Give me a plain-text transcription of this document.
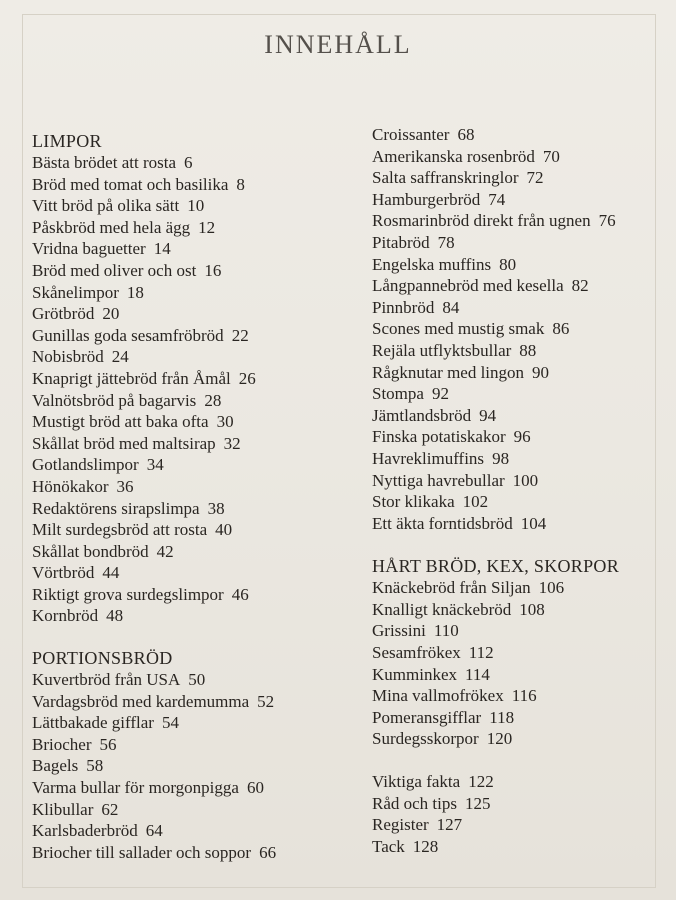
INNEHÅLL
LIMPOR
Bästa brödet att rosta 6
Bröd med tomat och basilika 8
Vitt bröd på olika sätt 10
Påskbröd med hela ägg 12
Vridna baguetter 14
Bröd med oliver och ost 16
Skånelimpor 18
Grötbröd 20
Gunillas goda sesamfröbröd 22
Nobisbröd 24
Knaprigt jättebröd från Åmål 26
Valnötsbröd på bagarvis 28
Mustigt bröd att baka ofta 30
Skållat bröd med maltsirap 32
Gotlandslimpor 34
Hönökakor 36
Redaktörens sirapslimpa 38
Milt surdegsbröd att rosta 40
Skållat bondbröd 42
Vörtbröd 44
Riktigt grova surdegslimpor 46
Kornbröd 48
PORTIONSBRÖD
Kuvertbröd från USA 50
Vardagsbröd med kardemumma 52
Lättbakade gifflar 54
Briocher 56
Bagels 58
Varma bullar för morgonpigga 60
Klibullar 62
Karlsbaderbröd 64
Briocher till sallader och soppor 66
Croissanter 68
Amerikanska rosenbröd 70
Salta saffranskringlor 72
Hamburgerbröd 74
Rosmarinbröd direkt från ugnen 76
Pitabröd 78
Engelska muffins 80
Långpannebröd med kesella 82
Pinnbröd 84
Scones med mustig smak 86
Rejäla utflyktsbullar 88
Rågknutar med lingon 90
Stompa 92
Jämtlandsbröd 94
Finska potatiskakor 96
Havreklimuffins 98
Nyttiga havrebullar 100
Stor klikaka 102
Ett äkta forntidsbröd 104
HÅRT BRÖD, KEX, SKORPOR
Knäckebröd från Siljan 106
Knalligt knäckebröd 108
Grissini 110
Sesamfrökex 112
Kumminkex 114
Mina vallmofrökex 116
Pomeransgifflar 118
Surdegsskorpor 120
Viktiga fakta 122
Råd och tips 125
Register 127
Tack 128
